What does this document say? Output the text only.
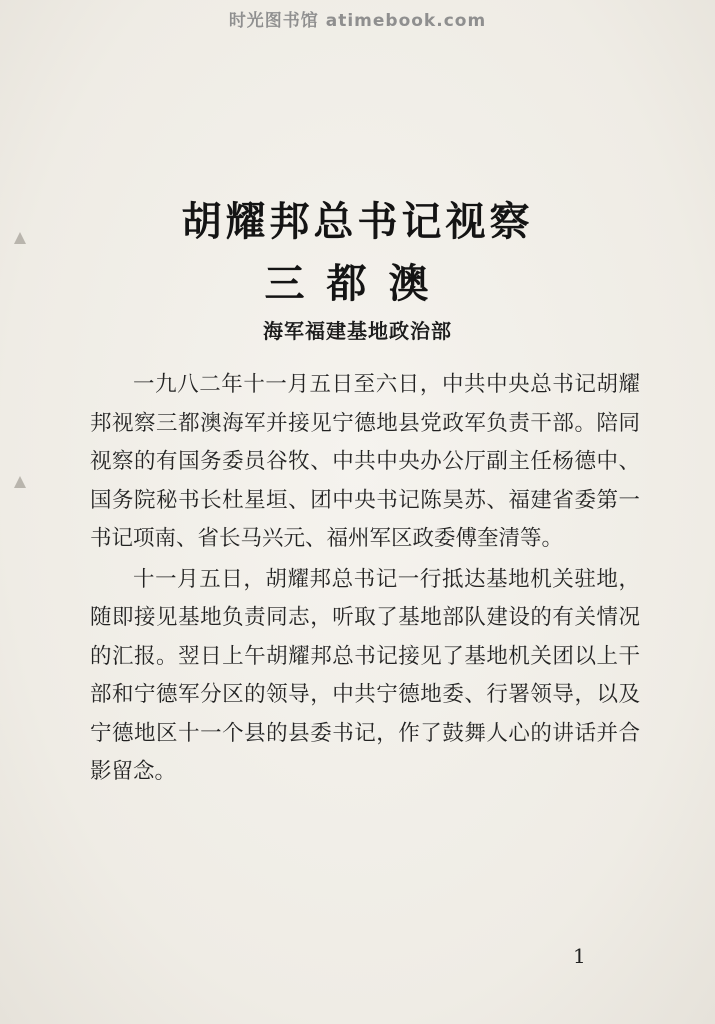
时光图书馆 atimebook.com

胡耀邦总书记视察
三都澳
海军福建基地政治部

一九八二年十一月五日至六日，中共中央总书记胡耀邦视察三都澳海军并接见宁德地县党政军负责干部。陪同视察的有国务委员谷牧、中共中央办公厅副主任杨德中、国务院秘书长杜星垣、团中央书记陈昊苏、福建省委第一书记项南、省长马兴元、福州军区政委傅奎清等。

十一月五日，胡耀邦总书记一行抵达基地机关驻地，随即接见基地负责同志，听取了基地部队建设的有关情况的汇报。翌日上午胡耀邦总书记接见了基地机关团以上干部和宁德军分区的领导，中共宁德地委、行署领导，以及宁德地区十一个县的县委书记，作了鼓舞人心的讲话并合影留念。

1
